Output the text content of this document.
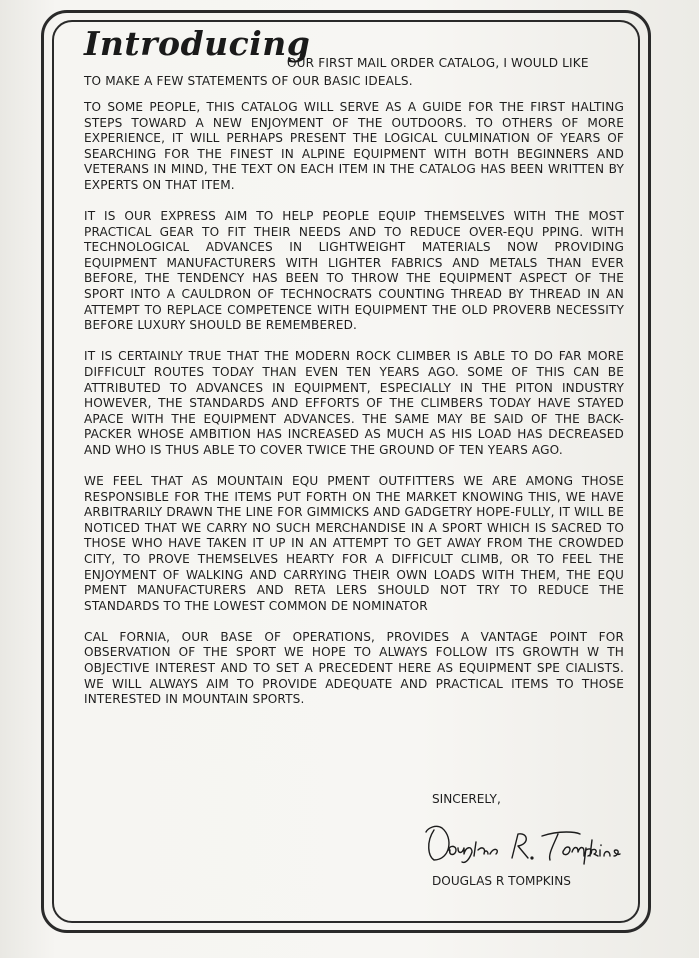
Introducing
OUR FIRST MAIL ORDER CATALOG, I WOULD LIKE
TO MAKE A FEW STATEMENTS OF OUR BASIC IDEALS.

TO SOME PEOPLE, THIS CATALOG WILL SERVE AS A GUIDE FOR THE FIRST HALTING STEPS TOWARD A NEW ENJOYMENT OF THE OUTDOORS. TO OTHERS OF MORE EXPERIENCE, IT WILL PERHAPS PRESENT THE LOGICAL CULMINATION OF YEARS OF SEARCHING FOR THE FINEST IN ALPINE EQUIPMENT WITH BOTH BEGINNERS AND VETERANS IN MIND, THE TEXT ON EACH ITEM IN THE CATALOG HAS BEEN WRITTEN BY EXPERTS ON THAT ITEM.

IT IS OUR EXPRESS AIM TO HELP PEOPLE EQUIP THEMSELVES WITH THE MOST PRACTICAL GEAR TO FIT THEIR NEEDS AND TO REDUCE OVER-EQU PPING. WITH TECHNOLOGICAL ADVANCES IN LIGHTWEIGHT MATERIALS NOW PROVIDING EQUIPMENT MANUFACTURERS WITH LIGHTER FABRICS AND METALS THAN EVER BEFORE, THE TENDENCY HAS BEEN TO THROW THE EQUIPMENT ASPECT OF THE SPORT INTO A CAULDRON OF TECHNOCRATS COUNTING THREAD BY THREAD IN AN ATTEMPT TO REPLACE COMPETENCE WITH EQUIPMENT THE OLD PROVERB NECESSITY BEFORE LUXURY SHOULD BE REMEMBERED.

IT IS CERTAINLY TRUE THAT THE MODERN ROCK CLIMBER IS ABLE TO DO FAR MORE DIFFICULT ROUTES TODAY THAN EVEN TEN YEARS AGO. SOME OF THIS CAN BE ATTRIBUTED TO ADVANCES IN EQUIPMENT, ESPECIALLY IN THE PITON INDUSTRY HOWEVER, THE STANDARDS AND EFFORTS OF THE CLIMBERS TODAY HAVE STAYED APACE WITH THE EQUIPMENT ADVANCES. THE SAME MAY BE SAID OF THE BACK-PACKER WHOSE AMBITION HAS INCREASED AS MUCH AS HIS LOAD HAS DECREASED AND WHO IS THUS ABLE TO COVER TWICE THE GROUND OF TEN YEARS AGO.

WE FEEL THAT AS MOUNTAIN EQU PMENT OUTFITTERS WE ARE AMONG THOSE RESPONSIBLE FOR THE ITEMS PUT FORTH ON THE MARKET KNOWING THIS, WE HAVE ARBITRARILY DRAWN THE LINE FOR GIMMICKS AND GADGETRY HOPE-FULLY, IT WILL BE NOTICED THAT WE CARRY NO SUCH MERCHANDISE IN A SPORT WHICH IS SACRED TO THOSE WHO HAVE TAKEN IT UP IN AN ATTEMPT TO GET AWAY FROM THE CROWDED CITY, TO PROVE THEMSELVES HEARTY FOR A DIFFICULT CLIMB, OR TO FEEL THE ENJOYMENT OF WALKING AND CARRYING THEIR OWN LOADS WITH THEM, THE EQU PMENT MANUFACTURERS AND RETA LERS SHOULD NOT TRY TO REDUCE THE STANDARDS TO THE LOWEST COMMON DE NOMINATOR

CAL FORNIA, OUR BASE OF OPERATIONS, PROVIDES A VANTAGE POINT FOR OBSERVATION OF THE SPORT WE HOPE TO ALWAYS FOLLOW ITS GROWTH W TH OBJECTIVE INTEREST AND TO SET A PRECEDENT HERE AS EQUIPMENT SPE CIALISTS. WE WILL ALWAYS AIM TO PROVIDE ADEQUATE AND PRACTICAL ITEMS TO THOSE INTERESTED IN MOUNTAIN SPORTS.

SINCERELY,
DOUGLAS R TOMPKINS
